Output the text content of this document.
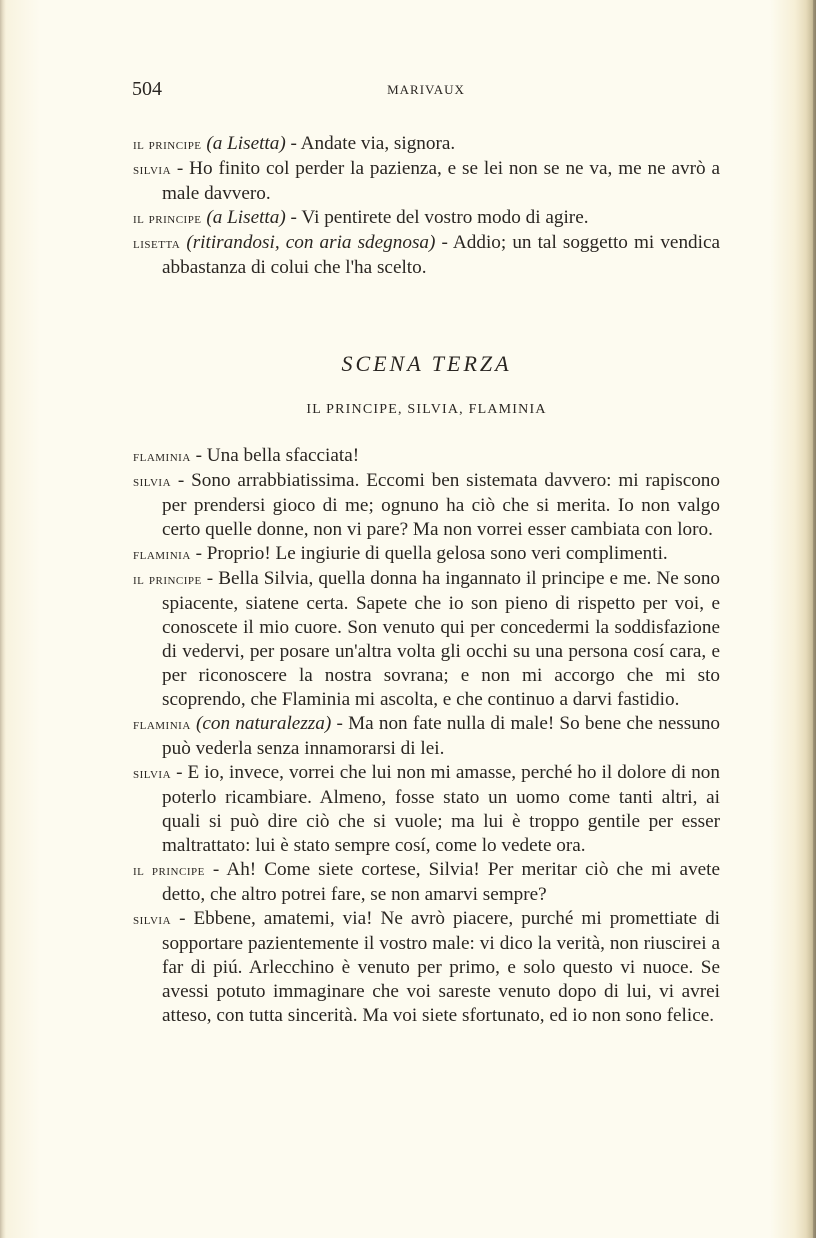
504	MARIVAUX

il principe (a Lisetta) - Andate via, signora.

silvia - Ho finito col perder la pazienza, e se lei non se ne va, me ne avrò a male davvero.

il principe (a Lisetta) - Vi pentirete del vostro modo di agire.

lisetta (ritirandosi, con aria sdegnosa) - Addio; un tal soggetto mi vendica abbastanza di colui che l'ha scelto.

SCENA TERZA
IL PRINCIPE, SILVIA, FLAMINIA

flaminia - Una bella sfacciata!

silvia - Sono arrabbiatissima. Eccomi ben sistemata davvero: mi rapiscono per prendersi gioco di me; ognuno ha ciò che si merita. Io non valgo certo quelle donne, non vi pare? Ma non vorrei esser cambiata con loro.

flaminia - Proprio! Le ingiurie di quella gelosa sono veri complimenti.

il principe - Bella Silvia, quella donna ha ingannato il principe e me. Ne sono spiacente, siatene certa. Sapete che io son pieno di rispetto per voi, e conoscete il mio cuore. Son venuto qui per concedermi la soddisfazione di vedervi, per posare un'altra volta gli occhi su una persona cosí cara, e per riconoscere la nostra sovrana; e non mi accorgo che mi sto scoprendo, che Flaminia mi ascolta, e che continuo a darvi fastidio.

flaminia (con naturalezza) - Ma non fate nulla di male! So bene che nessuno può vederla senza innamorarsi di lei.

silvia - E io, invece, vorrei che lui non mi amasse, perché ho il dolore di non poterlo ricambiare. Almeno, fosse stato un uomo come tanti altri, ai quali si può dire ciò che si vuole; ma lui è troppo gentile per esser maltrattato: lui è stato sempre cosí, come lo vedete ora.

il principe - Ah! Come siete cortese, Silvia! Per meritar ciò che mi avete detto, che altro potrei fare, se non amarvi sempre?

silvia - Ebbene, amatemi, via! Ne avrò piacere, purché mi promettiate di sopportare pazientemente il vostro male: vi dico la verità, non riuscirei a far di piú. Arlecchino è venuto per primo, e solo questo vi nuoce. Se avessi potuto immaginare che voi sareste venuto dopo di lui, vi avrei atteso, con tutta sincerità. Ma voi siete sfortunato, ed io non sono felice.
